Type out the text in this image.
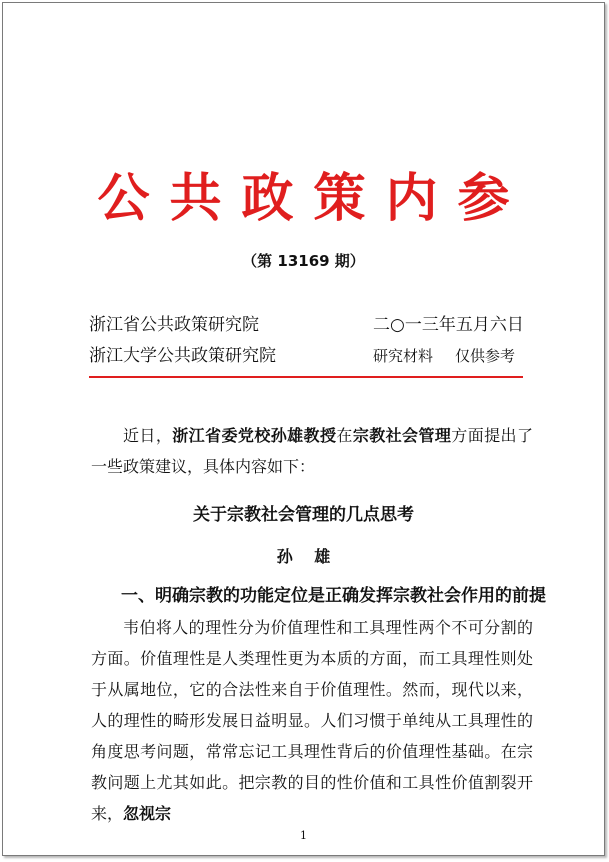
公共政策内参
（第 13169 期）
浙江省公共政策研究院	二○一三年五月六日
浙江大学公共政策研究院	研究材料 仅供参考
近日，浙江省委党校孙雄教授在宗教社会管理方面提出了一些政策建议，具体内容如下：
关于宗教社会管理的几点思考
孙 雄
一、明确宗教的功能定位是正确发挥宗教社会作用的前提
韦伯将人的理性分为价值理性和工具理性两个不可分割的方面。价值理性是人类理性更为本质的方面，而工具理性则处于从属地位，它的合法性来自于价值理性。然而，现代以来，人的理性的畸形发展日益明显。人们习惯于单纯从工具理性的角度思考问题，常常忘记工具理性背后的价值理性基础。在宗教问题上尤其如此。把宗教的目的性价值和工具性价值割裂开来，忽视宗
1
